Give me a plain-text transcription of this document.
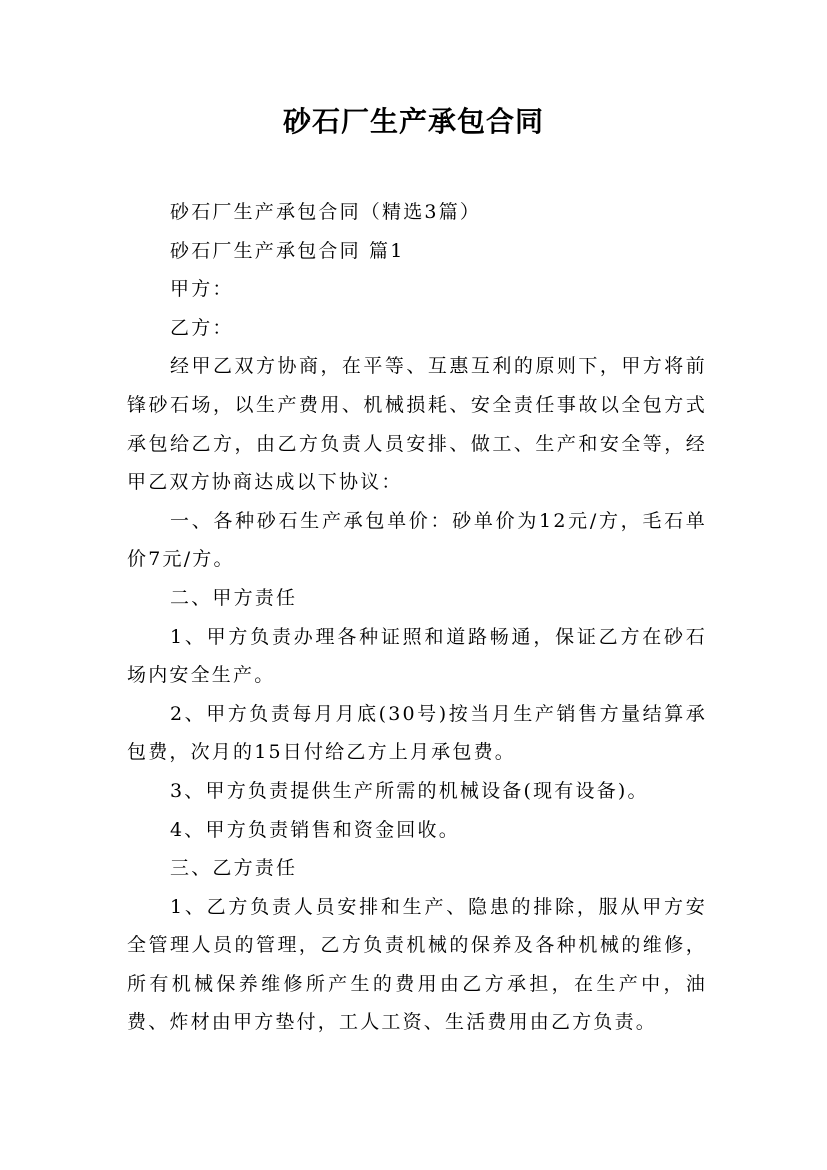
砂石厂生产承包合同

砂石厂生产承包合同（精选3篇）

砂石厂生产承包合同 篇1

甲方：

乙方：

经甲乙双方协商，在平等、互惠互利的原则下，甲方将前锋砂石场，以生产费用、机械损耗、安全责任事故以全包方式承包给乙方，由乙方负责人员安排、做工、生产和安全等，经甲乙双方协商达成以下协议：

一、各种砂石生产承包单价：砂单价为12元/方，毛石单价7元/方。

二、甲方责任

1、甲方负责办理各种证照和道路畅通，保证乙方在砂石场内安全生产。

2、甲方负责每月月底(30号)按当月生产销售方量结算承包费，次月的15日付给乙方上月承包费。

3、甲方负责提供生产所需的机械设备(现有设备)。

4、甲方负责销售和资金回收。

三、乙方责任

1、乙方负责人员安排和生产、隐患的排除，服从甲方安全管理人员的管理，乙方负责机械的保养及各种机械的维修，所有机械保养维修所产生的费用由乙方承担，在生产中，油费、炸材由甲方垫付，工人工资、生活费用由乙方负责。
